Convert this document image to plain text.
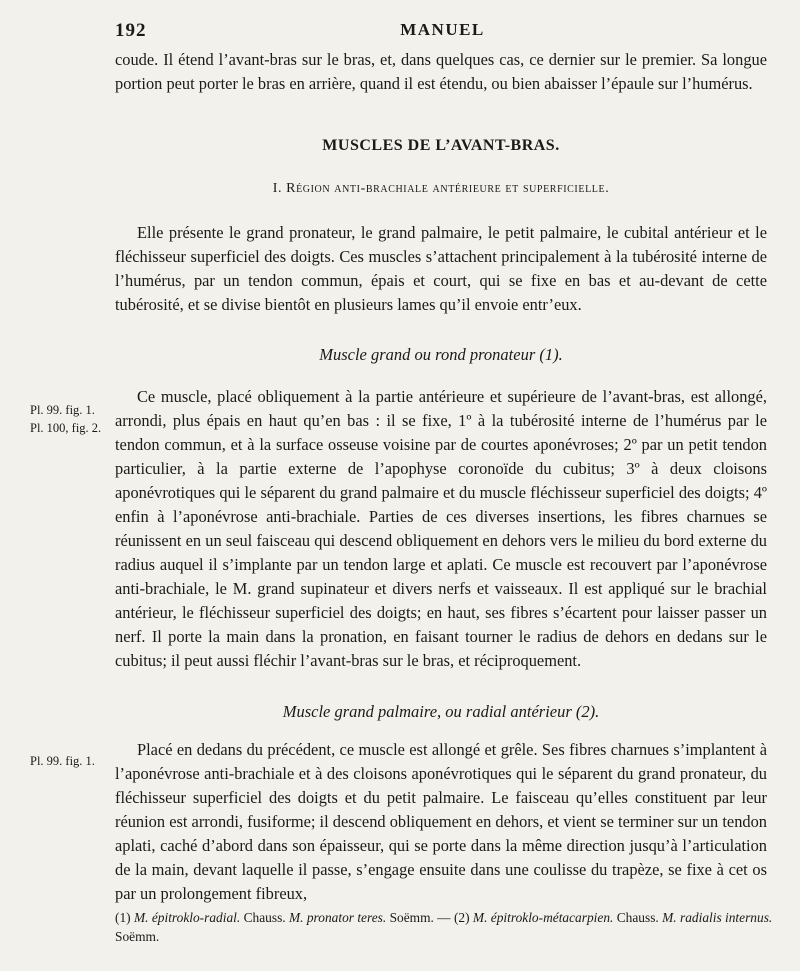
192	MANUEL

coude. Il étend l’avant-bras sur le bras, et, dans quelques cas, ce dernier sur le premier. Sa longue portion peut porter le bras en arrière, quand il est étendu, ou bien abaisser l’épaule sur l’humérus.

MUSCLES DE L’AVANT-BRAS.
I. Région anti-brachiale antérieure et superficielle.

Elle présente le grand pronateur, le grand palmaire, le petit palmaire, le cubital antérieur et le fléchisseur superficiel des doigts. Ces muscles s’attachent principalement à la tubérosité interne de l’humérus, par un tendon commun, épais et court, qui se fixe en bas et au-devant de cette tubérosité, et se divise bientôt en plusieurs lames qu’il envoie entr’eux.

Muscle grand ou rond pronateur (1).
Pl. 99. fig. 1.
Pl. 100, fig. 2.

Ce muscle, placé obliquement à la partie antérieure et supérieure de l’avant-bras, est allongé, arrondi, plus épais en haut qu’en bas : il se fixe, 1º à la tubérosité interne de l’humérus par le tendon commun, et à la surface osseuse voisine par de courtes aponévroses; 2º par un petit tendon particulier, à la partie externe de l’apophyse coronoïde du cubitus; 3º à deux cloisons aponévrotiques qui le séparent du grand palmaire et du muscle fléchisseur superficiel des doigts; 4º enfin à l’aponévrose anti-brachiale. Parties de ces diverses insertions, les fibres charnues se réunissent en un seul faisceau qui descend obliquement en dehors vers le milieu du bord externe du radius auquel il s’implante par un tendon large et aplati. Ce muscle est recouvert par l’aponévrose anti-brachiale, le M. grand supinateur et divers nerfs et vaisseaux. Il est appliqué sur le brachial antérieur, le fléchisseur superficiel des doigts; en haut, ses fibres s’écartent pour laisser passer un nerf. Il porte la main dans la pronation, en faisant tourner le radius de dehors en dedans sur le cubitus; il peut aussi fléchir l’avant-bras sur le bras, et réciproquement.

Muscle grand palmaire, ou radial antérieur (2).
Pl. 99. fig. 1.

Placé en dedans du précédent, ce muscle est allongé et grêle. Ses fibres charnues s’implantent à l’aponévrose anti-brachiale et à des cloisons aponévrotiques qui le séparent du grand pronateur, du fléchisseur superficiel des doigts et du petit palmaire. Le faisceau qu’elles constituent par leur réunion est arrondi, fusiforme; il descend obliquement en dehors, et vient se terminer sur un tendon aplati, caché d’abord dans son épaisseur, qui se porte dans la même direction jusqu’à l’articulation de la main, devant laquelle il passe, s’engage ensuite dans une coulisse du trapèze, se fixe à cet os par un prolongement fibreux,

(1) M. épitroklo-radial. Chauss. M. pronator teres. Soëmm. — (2) M. épitroklo-métacarpien. Chauss. M. radialis internus. Soëmm.
